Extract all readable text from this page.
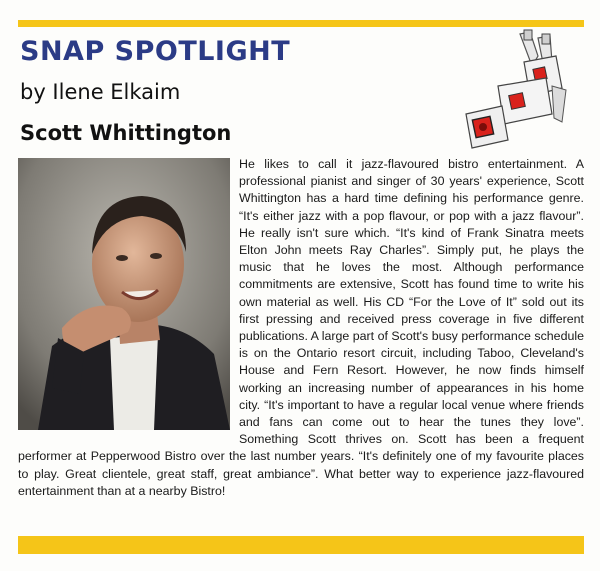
SNAP SPOTLIGHT
by Ilene Elkaim
Scott Whittington

He likes to call it jazz-flavoured bistro entertainment. A professional pianist and singer of 30 years' experience, Scott Whittington has a hard time defining his performance genre. “It's either jazz with a pop flavour, or pop with a jazz flavour”. He really isn't sure which. “It's kind of Frank Sinatra meets Elton John meets Ray Charles”. Simply put, he plays the music that he loves the most. Although performance commitments are extensive, Scott has found time to write his own material as well. His CD “For the Love of It” sold out its first pressing and received press coverage in five different publications. A large part of Scott's busy performance schedule is on the Ontario resort circuit, including Taboo, Cleveland's House and Fern Resort. However, he now finds himself working an increasing number of appearances in his home city. “It's important to have a regular local venue where friends and fans can come out to hear the tunes they love”. Something Scott thrives on. Scott has been a frequent performer at Pepperwood Bistro over the last number years. “It's definitely one of my favourite places to play. Great clientele, great staff, great ambiance”. What better way to experience jazz-flavoured entertainment than at a nearby Bistro!
